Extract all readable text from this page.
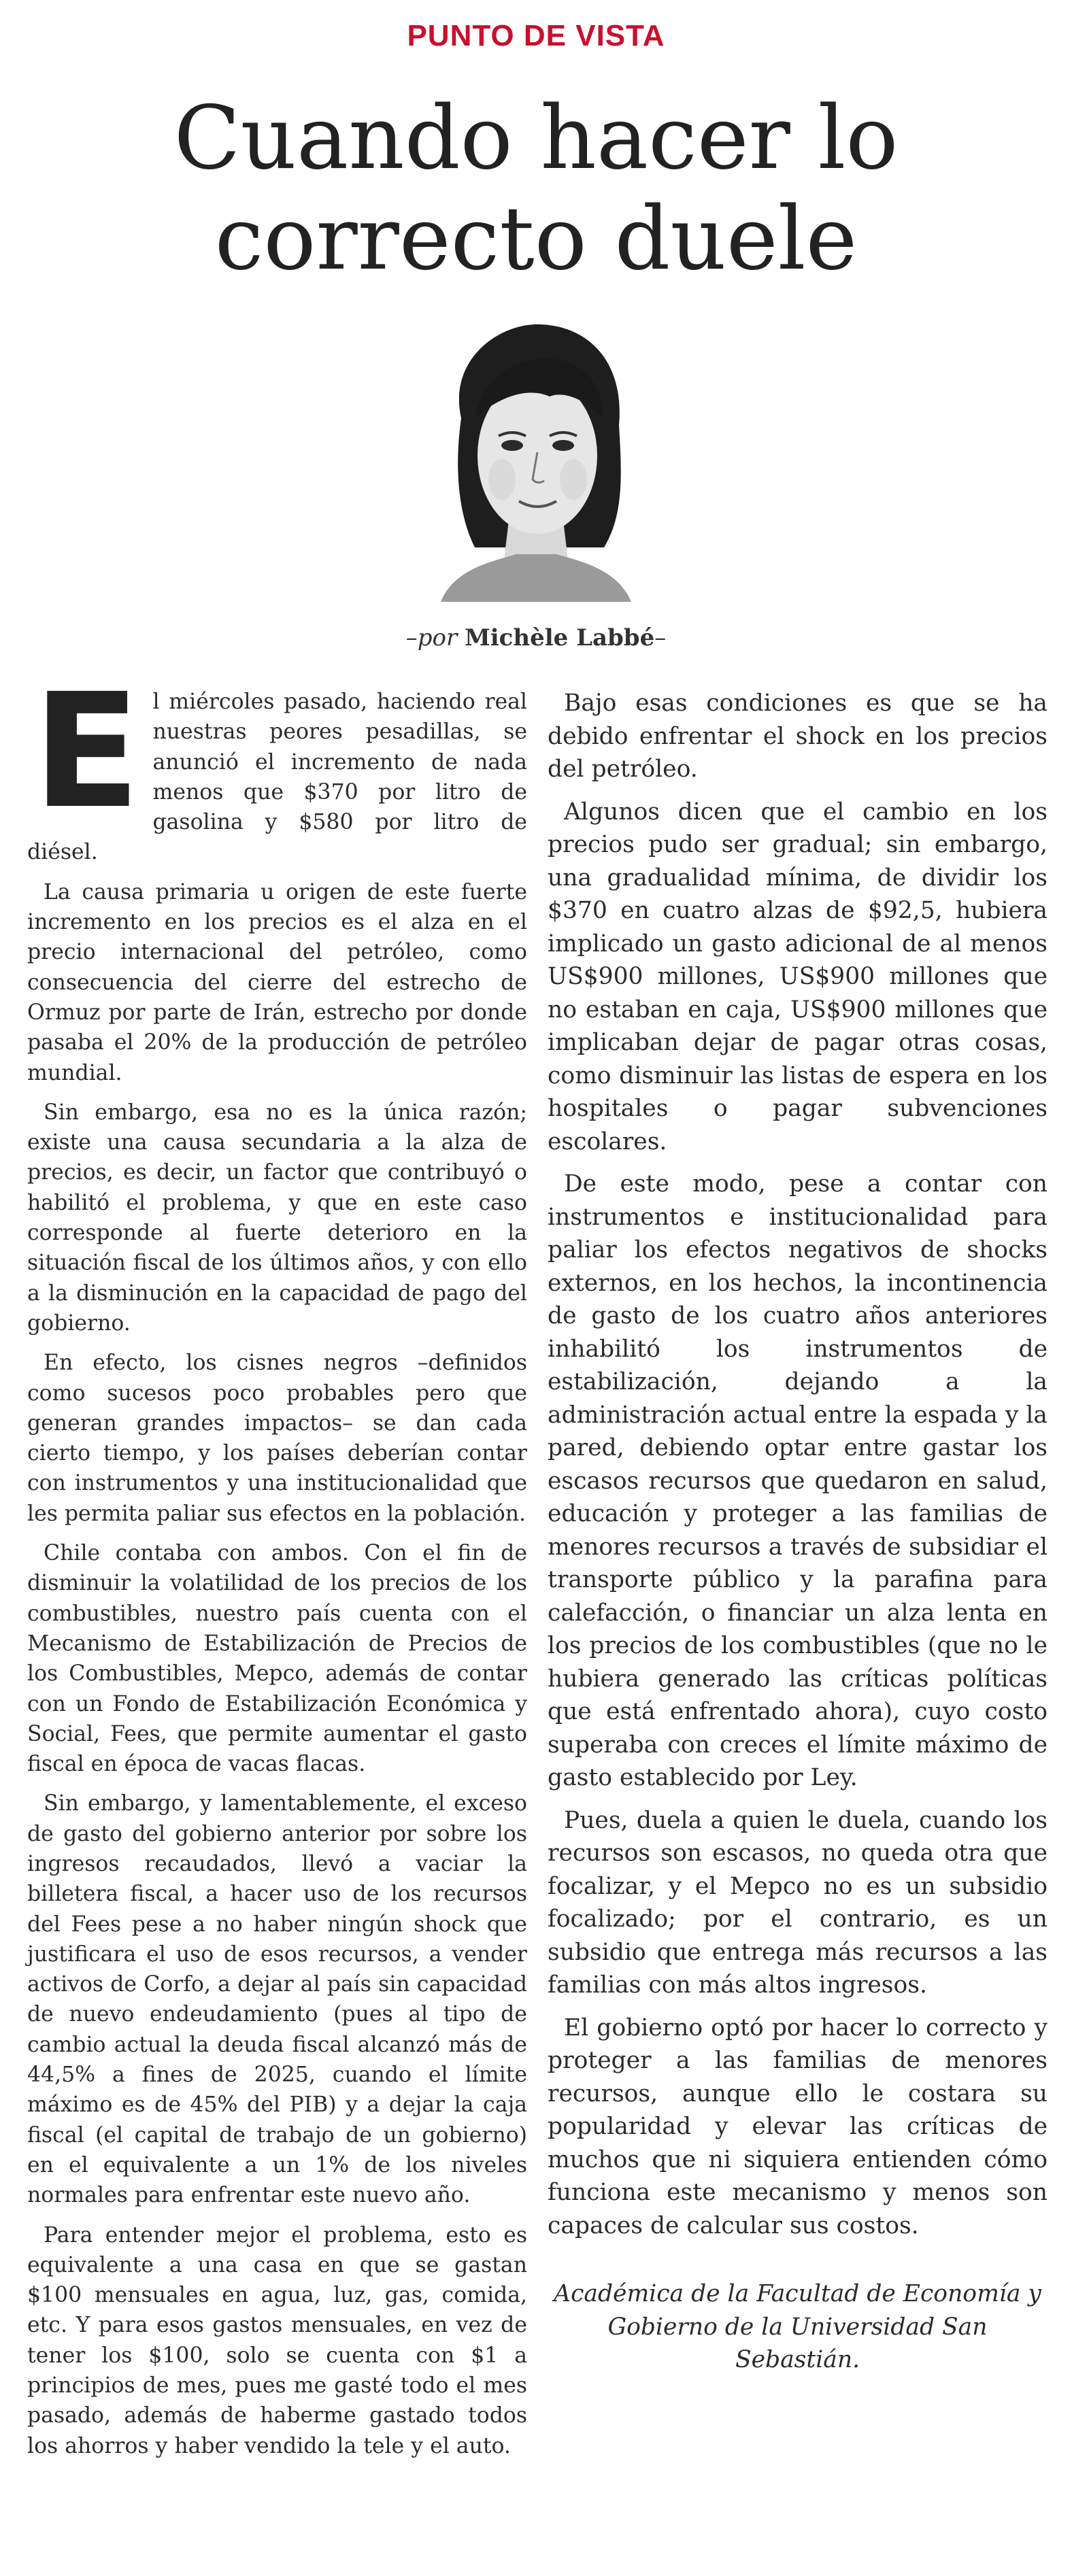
PUNTO DE VISTA
Cuando hacer lo
correcto duele
–por Michèle Labbé–

El miércoles pasado, haciendo real nuestras peores pesadillas, se anunció el incremento de nada menos que $370 por litro de gasolina y $580 por litro de diésel.

La causa primaria u origen de este fuerte incremento en los precios es el alza en el precio internacional del petróleo, como consecuencia del cierre del estrecho de Ormuz por parte de Irán, estrecho por donde pasaba el 20% de la producción de petróleo mundial.

Sin embargo, esa no es la única razón; existe una causa secundaria a la alza de precios, es decir, un factor que contribuyó o habilitó el problema, y que en este caso corresponde al fuerte deterioro en la situación fiscal de los últimos años, y con ello a la disminución en la capacidad de pago del gobierno.

En efecto, los cisnes negros –definidos como sucesos poco probables pero que generan grandes impactos– se dan cada cierto tiempo, y los países deberían contar con instrumentos y una institucionalidad que les permita paliar sus efectos en la población.

Chile contaba con ambos. Con el fin de disminuir la volatilidad de los precios de los combustibles, nuestro país cuenta con el Mecanismo de Estabilización de Precios de los Combustibles, Mepco, además de contar con un Fondo de Estabilización Económica y Social, Fees, que permite aumentar el gasto fiscal en época de vacas flacas.

Sin embargo, y lamentablemente, el exceso de gasto del gobierno anterior por sobre los ingresos recaudados, llevó a vaciar la billetera fiscal, a hacer uso de los recursos del Fees pese a no haber ningún shock que justificara el uso de esos recursos, a vender activos de Corfo, a dejar al país sin capacidad de nuevo endeudamiento (pues al tipo de cambio actual la deuda fiscal alcanzó más de 44,5% a fines de 2025, cuando el límite máximo es de 45% del PIB) y a dejar la caja fiscal (el capital de trabajo de un gobierno) en el equivalente a un 1% de los niveles normales para enfrentar este nuevo año.

Para entender mejor el problema, esto es equivalente a una casa en que se gastan $100 mensuales en agua, luz, gas, comida, etc. Y para esos gastos mensuales, en vez de tener los $100, solo se cuenta con $1 a principios de mes, pues me gasté todo el mes pasado, además de haberme gastado todos los ahorros y haber vendido la tele y el auto.

Bajo esas condiciones es que se ha debido enfrentar el shock en los precios del petróleo.

Algunos dicen que el cambio en los precios pudo ser gradual; sin embargo, una gradualidad mínima, de dividir los $370 en cuatro alzas de $92,5, hubiera implicado un gasto adicional de al menos US$900 millones, US$900 millones que no estaban en caja, US$900 millones que implicaban dejar de pagar otras cosas, como disminuir las listas de espera en los hospitales o pagar subvenciones escolares.

De este modo, pese a contar con instrumentos e institucionalidad para paliar los efectos negativos de shocks externos, en los hechos, la incontinencia de gasto de los cuatro años anteriores inhabilitó los instrumentos de estabilización, dejando a la administración actual entre la espada y la pared, debiendo optar entre gastar los escasos recursos que quedaron en salud, educación y proteger a las familias de menores recursos a través de subsidiar el transporte público y la parafina para calefacción, o financiar un alza lenta en los precios de los combustibles (que no le hubiera generado las críticas políticas que está enfrentado ahora), cuyo costo superaba con creces el límite máximo de gasto establecido por Ley.

Pues, duela a quien le duela, cuando los recursos son escasos, no queda otra que focalizar, y el Mepco no es un subsidio focalizado; por el contrario, es un subsidio que entrega más recursos a las familias con más altos ingresos.

El gobierno optó por hacer lo correcto y proteger a las familias de menores recursos, aunque ello le costara su popularidad y elevar las críticas de muchos que ni siquiera entienden cómo funciona este mecanismo y menos son capaces de calcular sus costos.

Académica de la Facultad de Economía y Gobierno de la Universidad San Sebastián.
